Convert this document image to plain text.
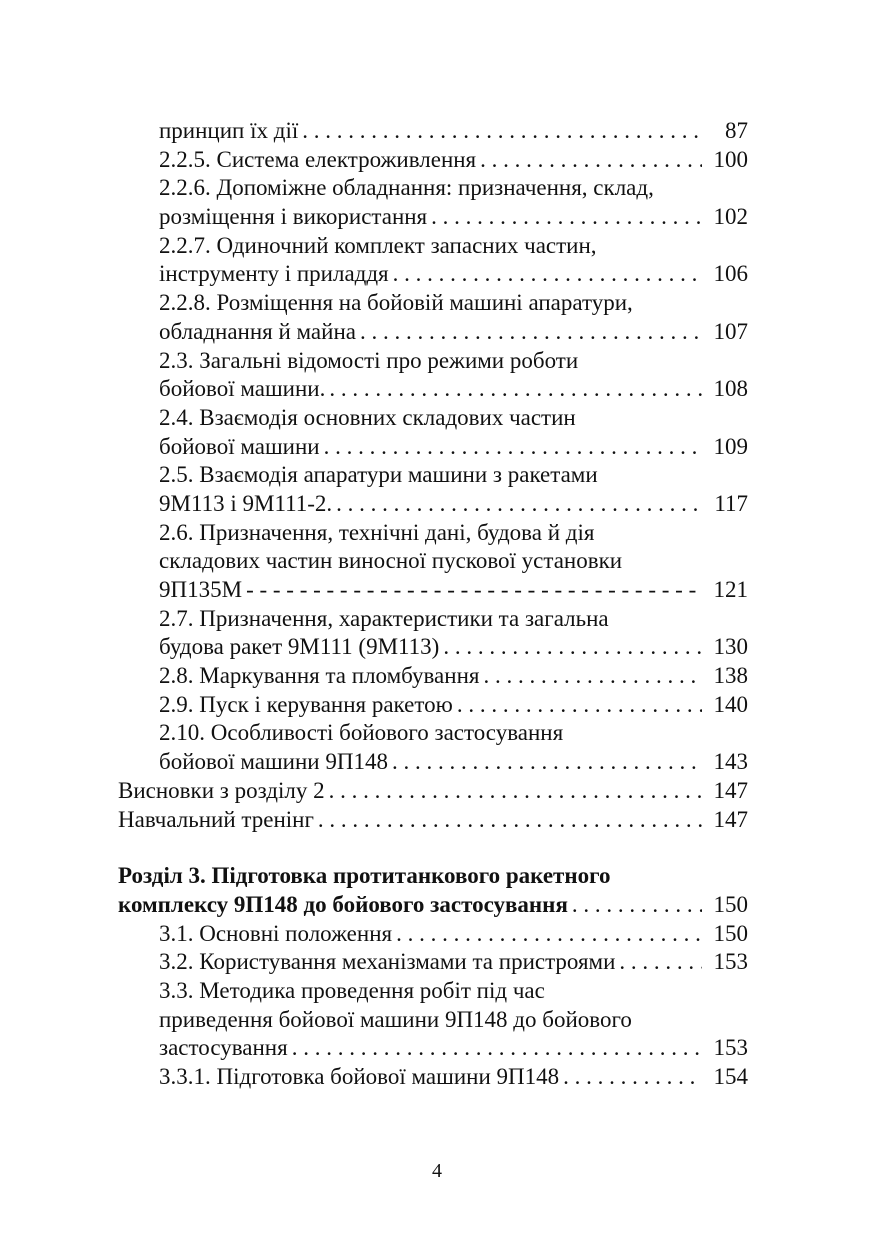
принцип їх дії . . .	87
2.2.5. Система електроживлення . . .	100
2.2.6. Допоміжне обладнання: призначення, склад,
розміщення і використання . . .	102
2.2.7. Одиночний комплект запасних частин,
інструменту і приладдя . . .	106
2.2.8. Розміщення на бойовій машині апаратури,
обладнання й майна . . .	107
2.3. Загальні відомості про режими роботи
бойової машини. . . .	108
2.4. Взаємодія основних складових частин
бойової машини . . .	109
2.5. Взаємодія апаратури машини з ракетами
9М113 і 9М111-2. . . .	117
2.6. Призначення, технічні дані, будова й дія
складових частин виносної пускової установки
9П135М - - -	121
2.7. Призначення, характеристики та загальна
будова ракет 9М111 (9М113) . . .	130
2.8. Маркування та пломбування . . .	138
2.9. Пуск і керування ракетою . . .	140
2.10. Особливості бойового застосування
бойової машини 9П148 . . .	143
Висновки з розділу 2 . . .	147
Навчальний тренінг . . .	147
Розділ 3. Підготовка протитанкового ракетного
комплексу 9П148 до бойового застосування . . .	150
3.1. Основні положення . . .	150
3.2. Користування механізмами та пристроями . . .	153
3.3. Методика проведення робіт під час
приведення бойової машини 9П148 до бойового
застосування . . .	153
3.3.1. Підготовка бойової машини 9П148 . . .	154
4
